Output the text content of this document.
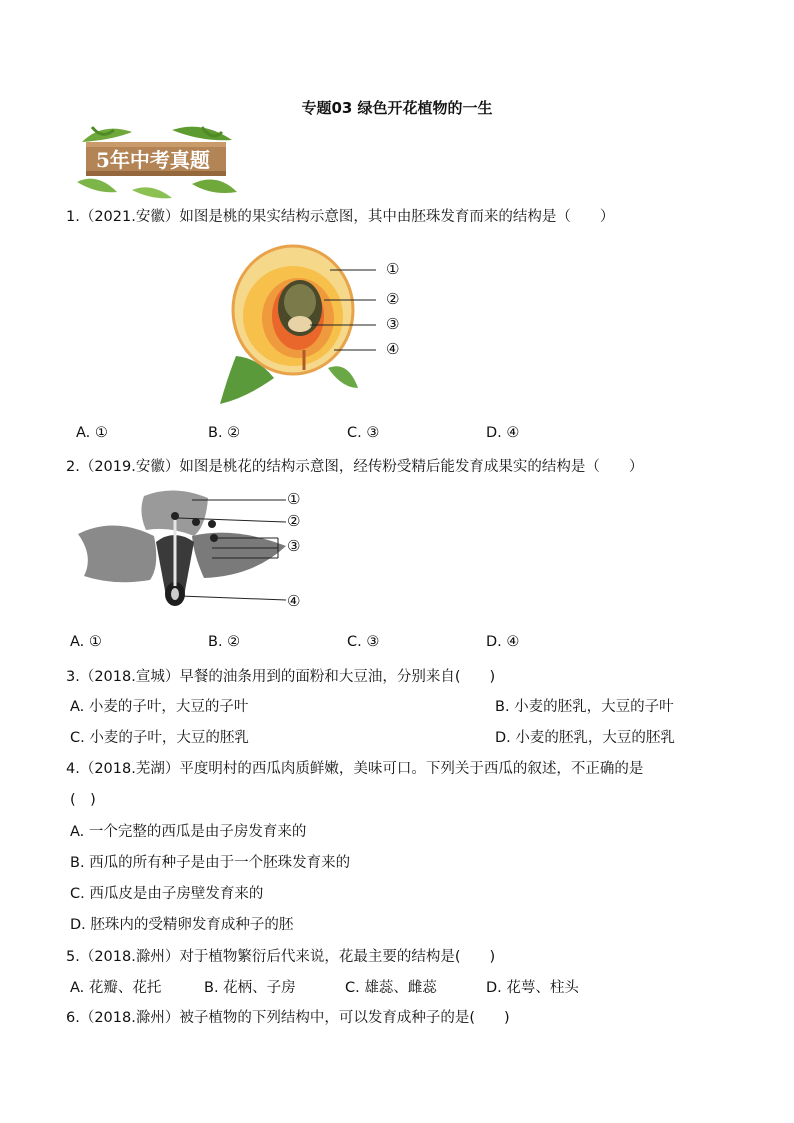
专题03 绿色开花植物的一生
5年中考真题
1.（2021.安徽）如图是桃的果实结构示意图，其中由胚珠发育而来的结构是（　　）
①
②
③
④
A. ①	B. ②	C. ③	D. ④
2.（2019.安徽）如图是桃花的结构示意图，经传粉受精后能发育成果实的结构是（　　）
①
②
③
④
A. ①	B. ②	C. ③	D. ④
3.（2018.宣城）早餐的油条用到的面粉和大豆油，分别来自(　　)
A. 小麦的子叶，大豆的子叶	B. 小麦的胚乳，大豆的子叶
C. 小麦的子叶，大豆的胚乳	D. 小麦的胚乳，大豆的胚乳
4.（2018.芜湖）平度明村的西瓜肉质鲜嫩，美味可口。下列关于西瓜的叙述，不正确的是
(　)
A. 一个完整的西瓜是由子房发育来的
B. 西瓜的所有种子是由于一个胚珠发育来的
C. 西瓜皮是由子房壁发育来的
D. 胚珠内的受精卵发育成种子的胚
5.（2018.滁州）对于植物繁衍后代来说，花最主要的结构是(　　)
A. 花瓣、花托	B. 花柄、子房	C. 雄蕊、雌蕊	D. 花萼、柱头
6.（2018.滁州）被子植物的下列结构中，可以发育成种子的是(　　)
